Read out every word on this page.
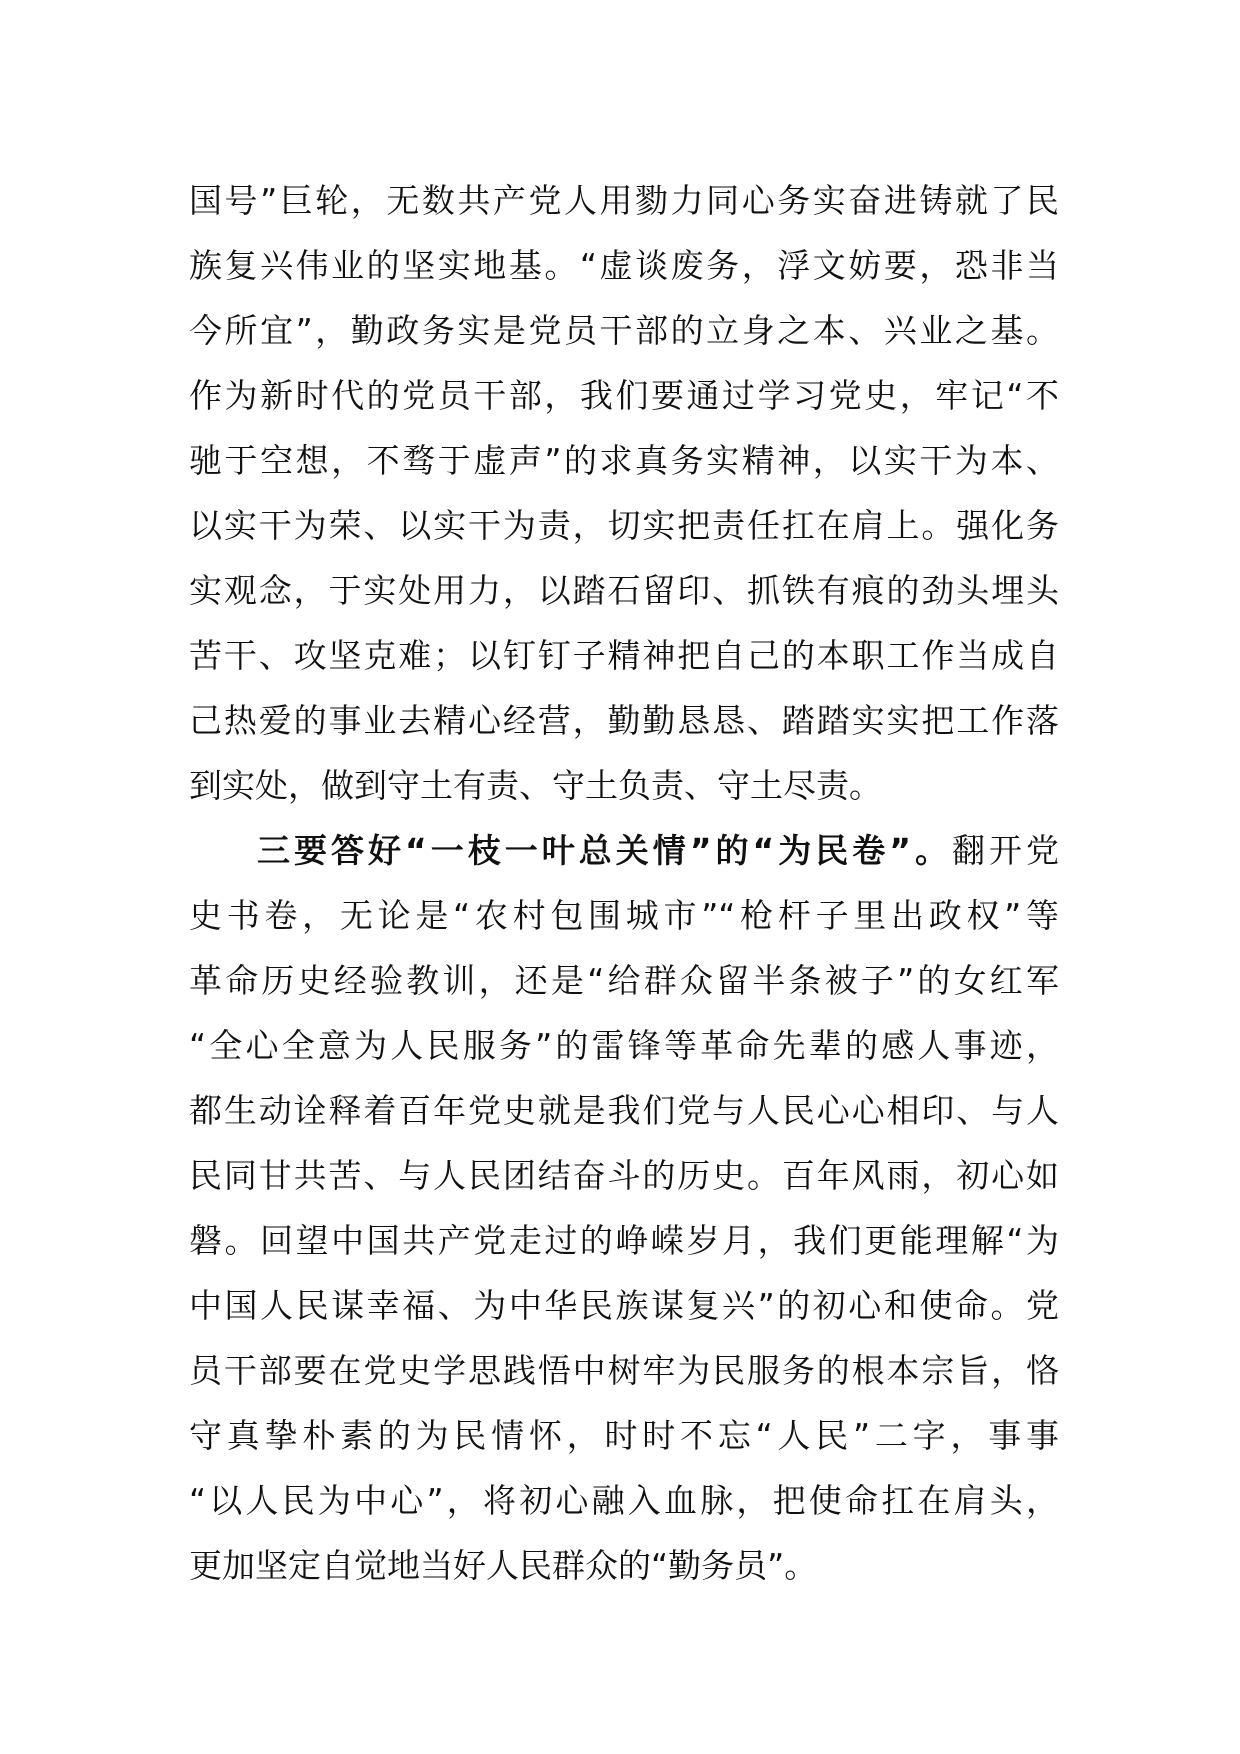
国号”巨轮，无数共产党人用勠力同心务实奋进铸就了民
族复兴伟业的坚实地基。“虚谈废务，浮文妨要，恐非当
今所宜”，勤政务实是党员干部的立身之本、兴业之基。
作为新时代的党员干部，我们要通过学习党史，牢记“不
驰于空想，不骛于虚声”的求真务实精神，以实干为本、
以实干为荣、以实干为责，切实把责任扛在肩上。强化务
实观念，于实处用力，以踏石留印、抓铁有痕的劲头埋头
苦干、攻坚克难；以钉钉子精神把自己的本职工作当成自
己热爱的事业去精心经营，勤勤恳恳、踏踏实实把工作落
到实处，做到守土有责、守土负责、守土尽责。
三要答好“一枝一叶总关情”的“为民卷”。翻开党
史书卷，无论是“农村包围城市”“枪杆子里出政权”等
革命历史经验教训，还是“给群众留半条被子”的女红军
“全心全意为人民服务”的雷锋等革命先辈的感人事迹，
都生动诠释着百年党史就是我们党与人民心心相印、与人
民同甘共苦、与人民团结奋斗的历史。百年风雨，初心如
磐。回望中国共产党走过的峥嵘岁月，我们更能理解“为
中国人民谋幸福、为中华民族谋复兴”的初心和使命。党
员干部要在党史学思践悟中树牢为民服务的根本宗旨，恪
守真挚朴素的为民情怀，时时不忘“人民”二字，事事
“以人民为中心”，将初心融入血脉，把使命扛在肩头，
更加坚定自觉地当好人民群众的“勤务员”。
